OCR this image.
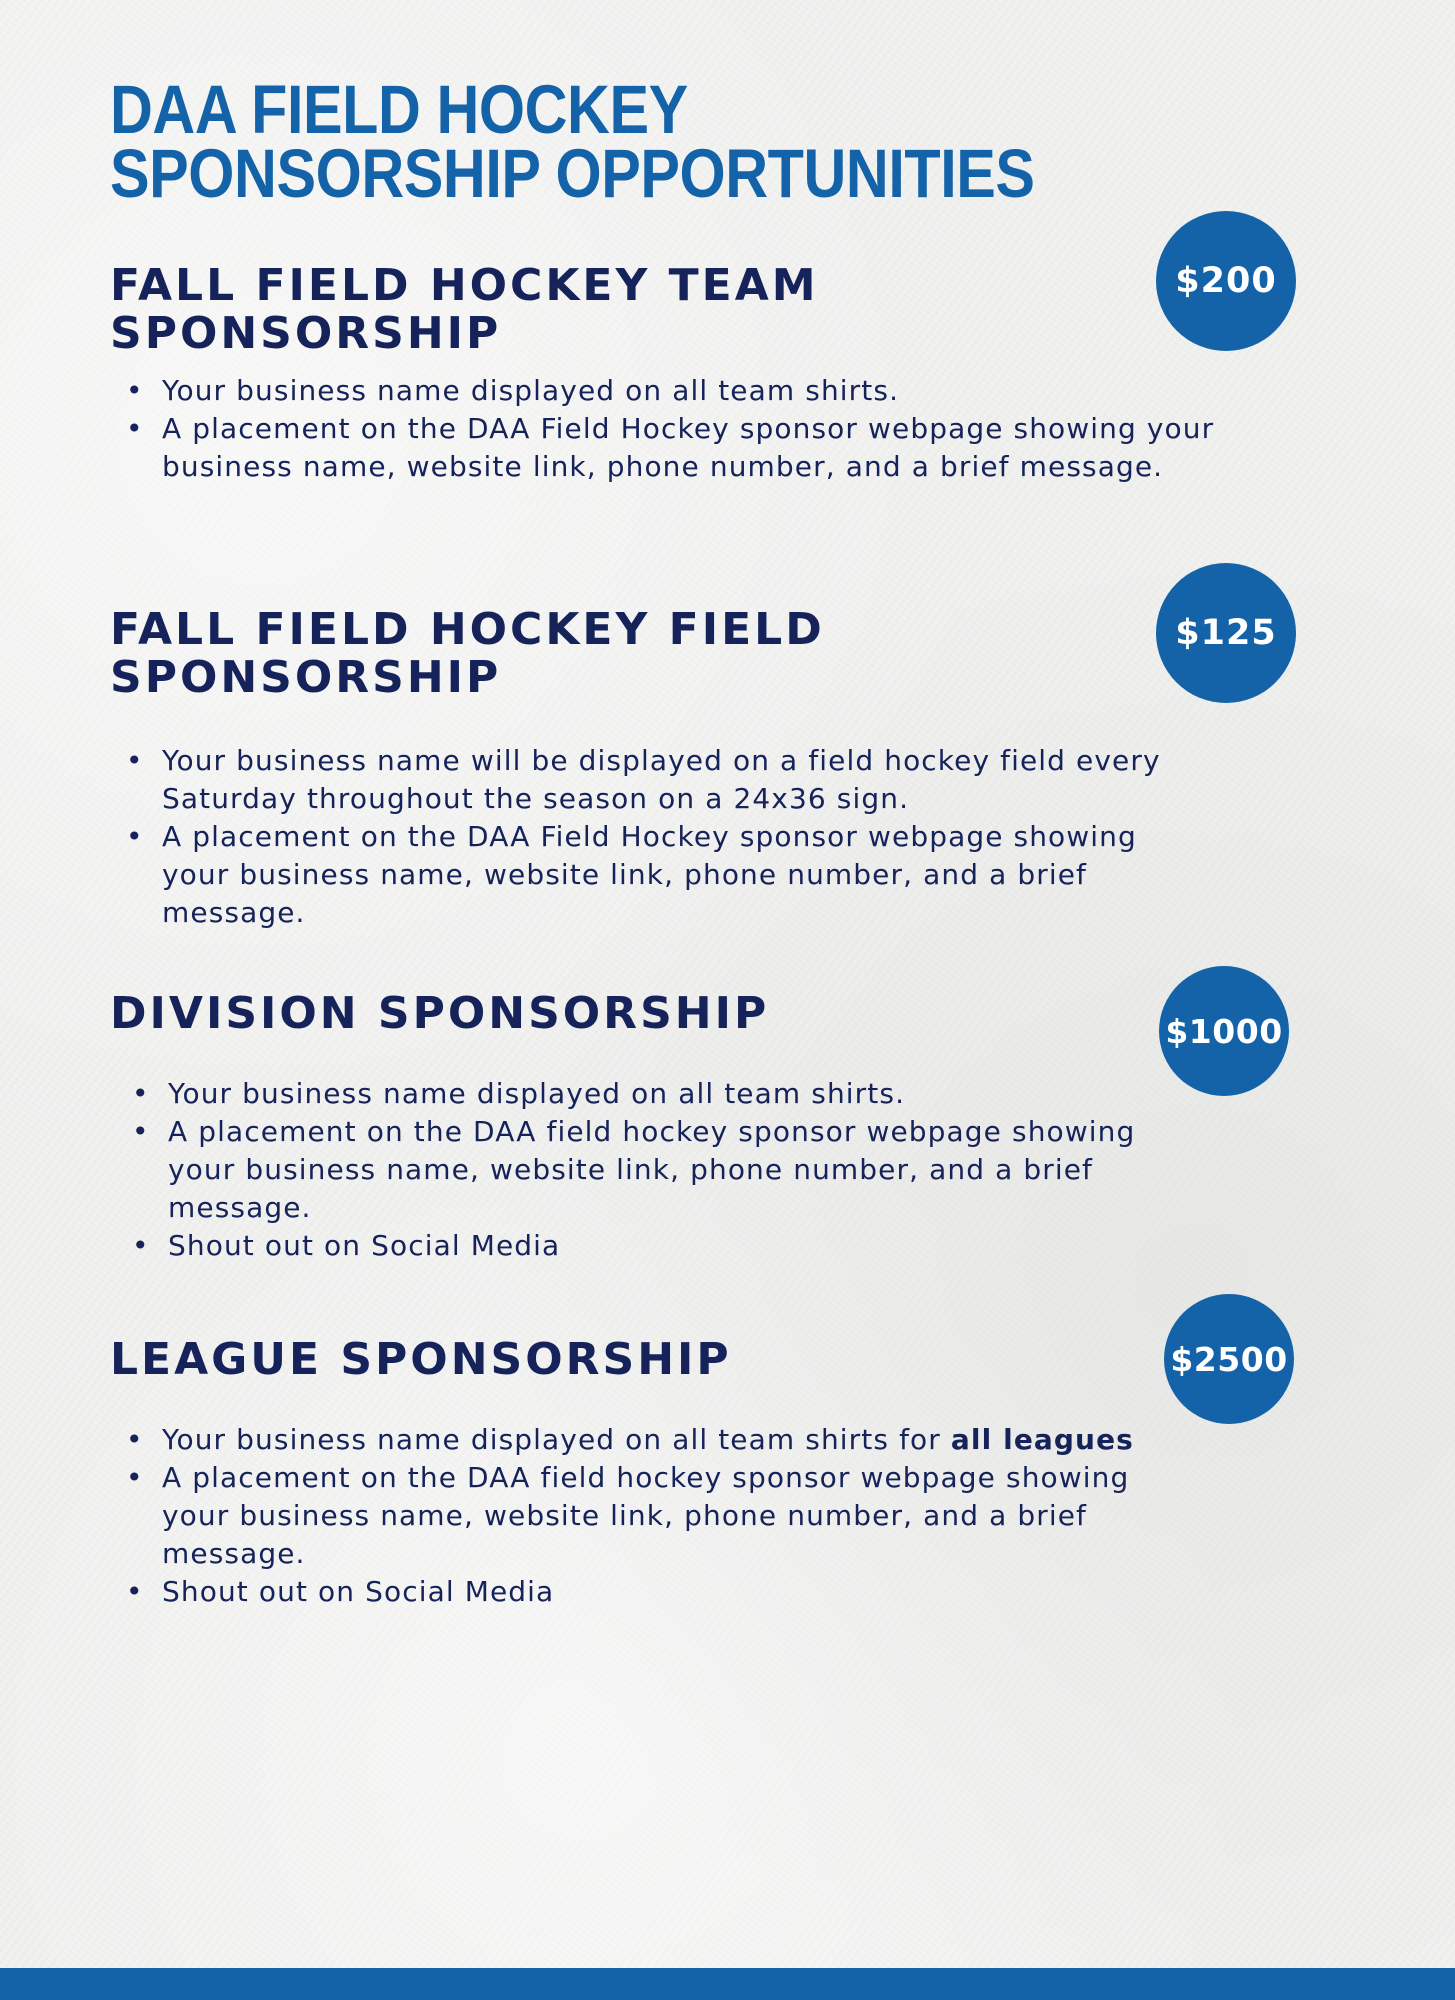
DAA FIELD HOCKEY
SPONSORSHIP OPPORTUNITIES
FALL FIELD HOCKEY TEAM
SPONSORSHIP
• Your business name displayed on all team shirts.
• A placement on the DAA Field Hockey sponsor webpage showing your
business name, website link, phone number, and a brief message.
$200
FALL FIELD HOCKEY FIELD
SPONSORSHIP
• Your business name will be displayed on a field hockey field every
Saturday throughout the season on a 24x36 sign.
• A placement on the DAA Field Hockey sponsor webpage showing
your business name, website link, phone number, and a brief
message.
$125
DIVISION SPONSORSHIP
• Your business name displayed on all team shirts.
• A placement on the DAA field hockey sponsor webpage showing
your business name, website link, phone number, and a brief
message.
• Shout out on Social Media
$1000
LEAGUE SPONSORSHIP
• Your business name displayed on all team shirts for all leagues
• A placement on the DAA field hockey sponsor webpage showing
your business name, website link, phone number, and a brief
message.
• Shout out on Social Media
$2500
